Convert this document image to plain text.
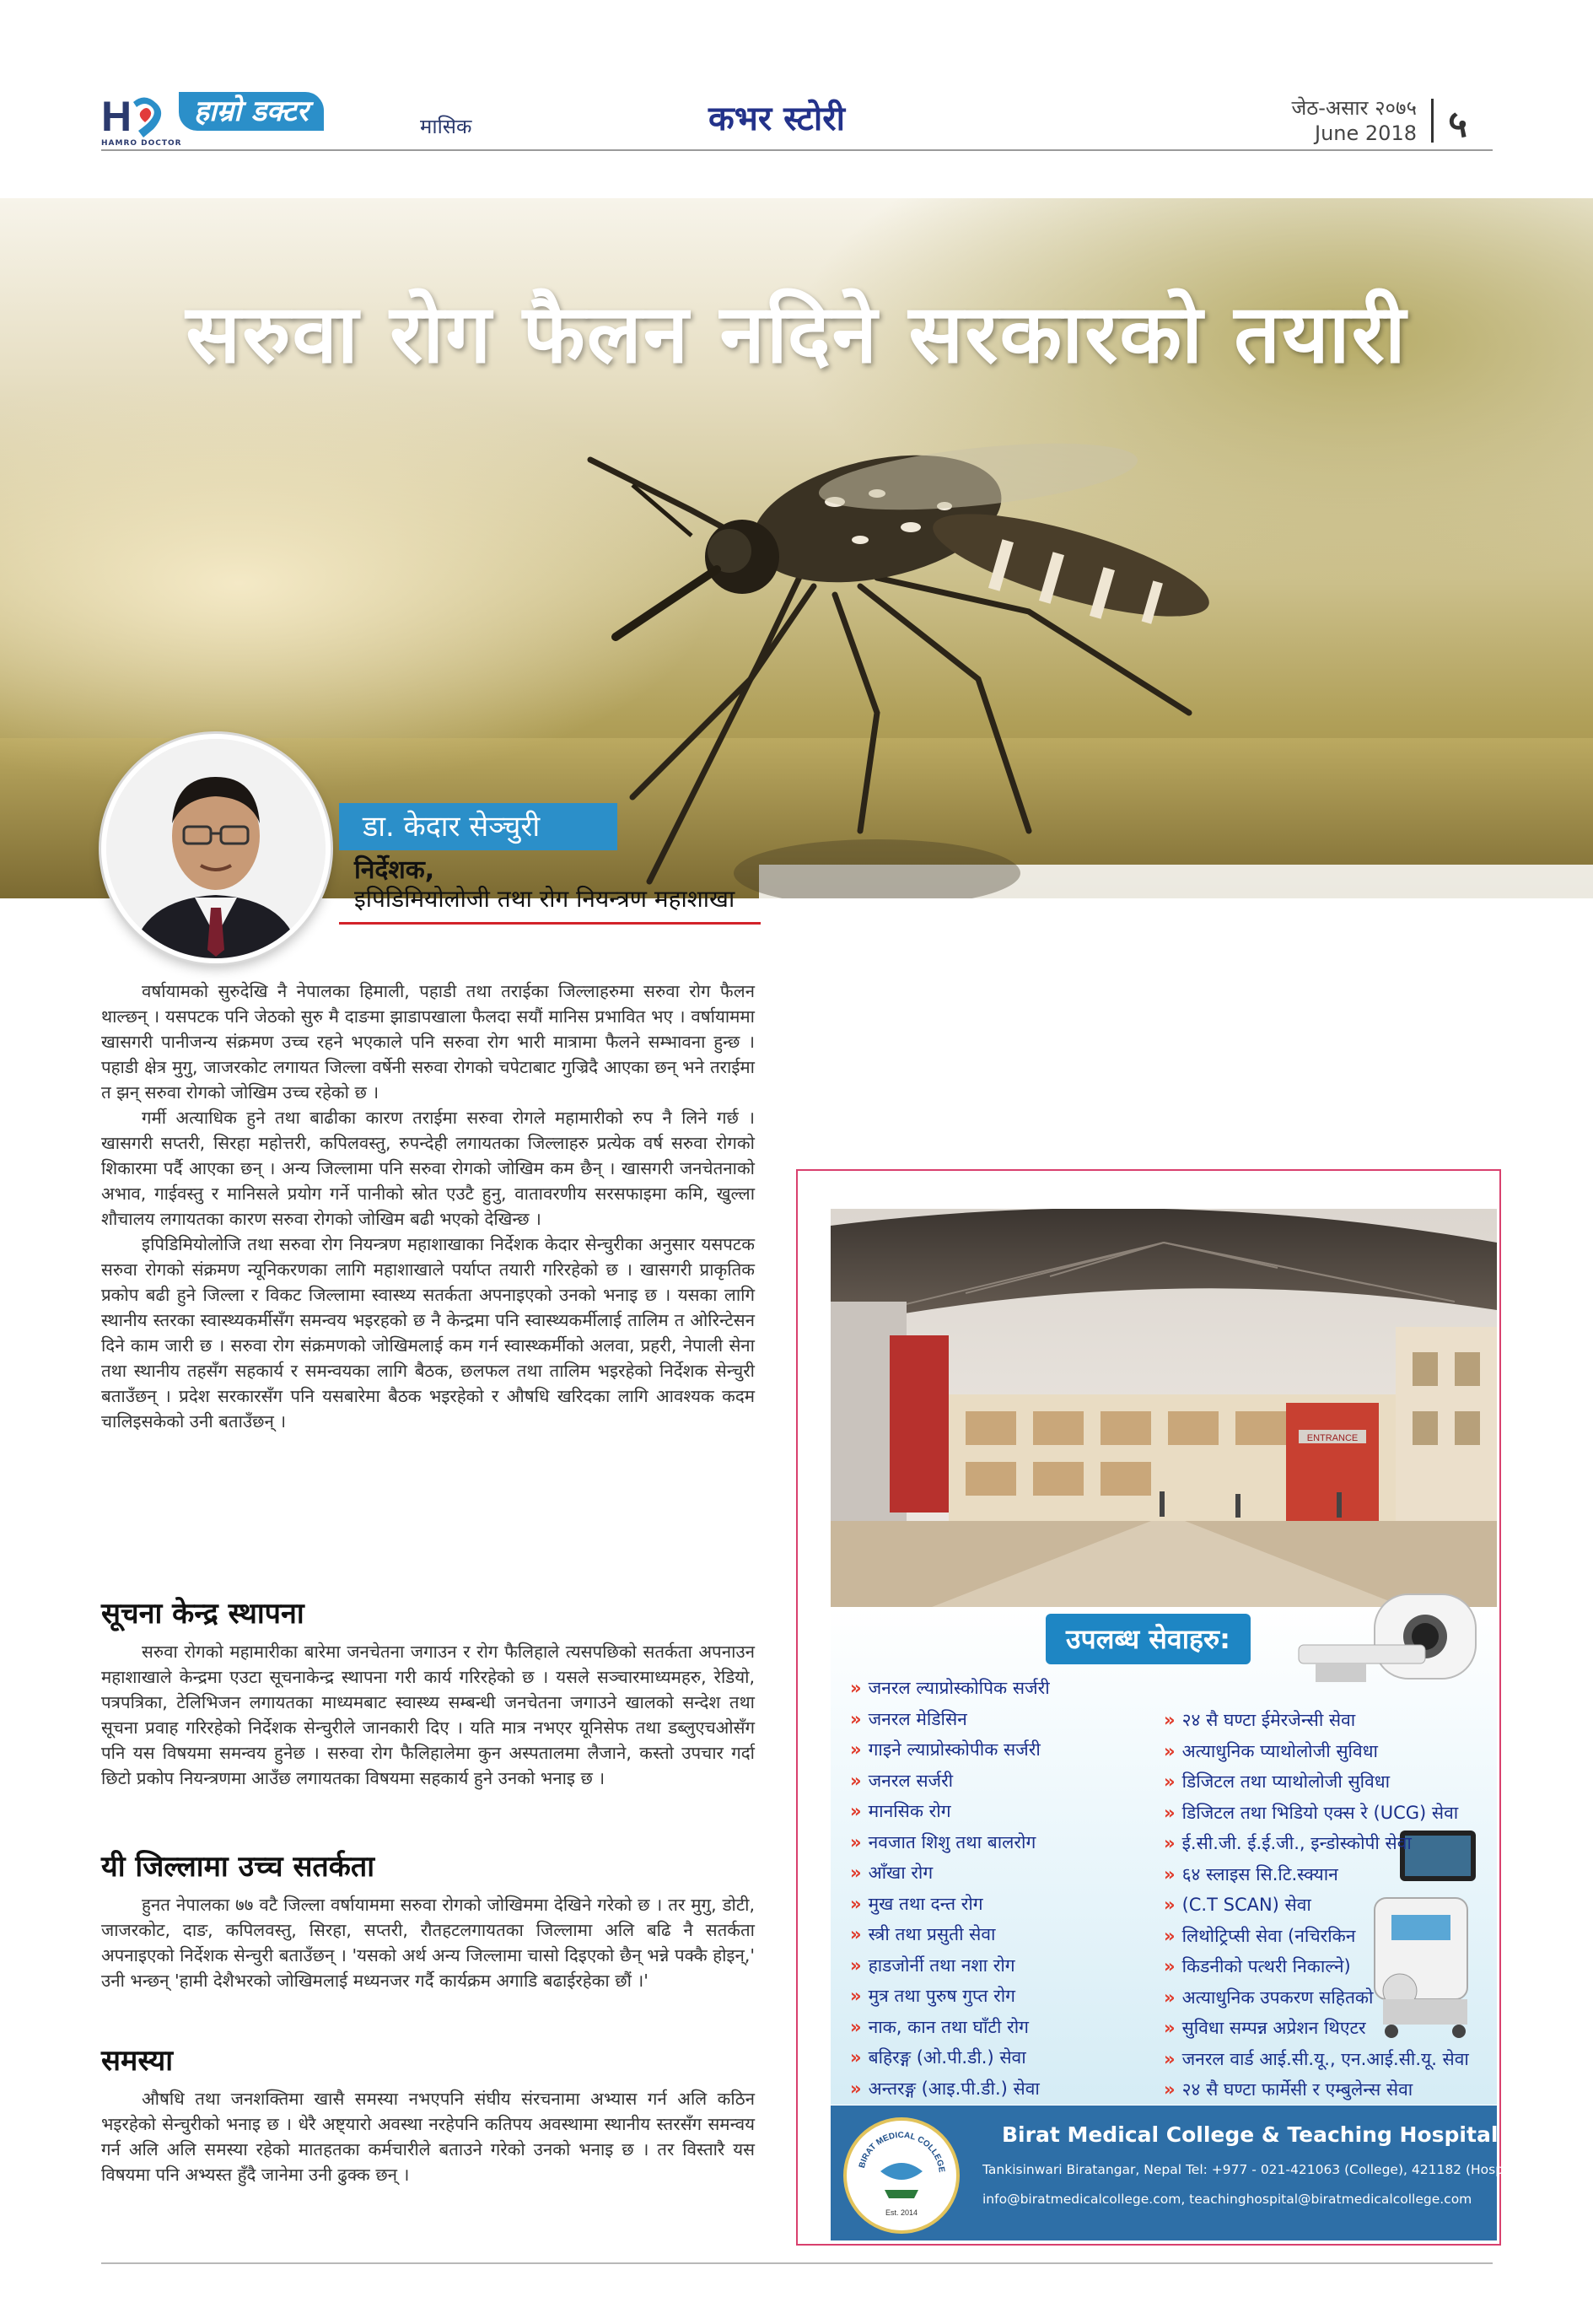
H
HAMRO DOCTOR
हाम्रो डक्टर	मासिक	कभर स्टोरी	जेठ-असार २०७५
June 2018 ५
सरुवा रोग फैलन नदिने सरकारको तयारी
डा. केदार सेञ्चुरी
निर्देशक,
इपिडिमियोलोजी तथा रोग नियन्त्रण महाशाखा

वर्षायामको सुरुदेखि नै नेपालका हिमाली, पहाडी तथा तराईका जिल्लाहरुमा सरुवा रोग फैलन थाल्छन् । यसपटक पनि जेठको सुरु मै दाङमा झाडापखाला फैलदा सयौं मानिस प्रभावित भए । वर्षायाममा खासगरी पानीजन्य संक्रमण उच्च रहने भएकाले पनि सरुवा रोग भारी मात्रामा फैलने सम्भावना हुन्छ । पहाडी क्षेत्र मुगु, जाजरकोट लगायत जिल्ला वर्षेनी सरुवा रोगको चपेटाबाट गुज्रिदै आएका छन् भने तराईमा त झन् सरुवा रोगको जोखिम उच्च रहेको छ ।

गर्मी अत्याधिक हुने तथा बाढीका कारण तराईमा सरुवा रोगले महामारीको रुप नै लिने गर्छ । खासगरी सप्तरी, सिरहा महोत्तरी, कपिलवस्तु, रुपन्देही लगायतका जिल्लाहरु प्रत्येक वर्ष सरुवा रोगको शिकारमा पर्दै आएका छन् । अन्य जिल्लामा पनि सरुवा रोगको जोखिम कम छैन् । खासगरी जनचेतनाको अभाव, गाईवस्तु र मानिसले प्रयोग गर्ने पानीको स्रोत एउटै हुनु, वातावरणीय सरसफाइमा कमि, खुल्ला शौचालय लगायतका कारण सरुवा रोगको जोखिम बढी भएको देखिन्छ ।

इपिडिमियोलोजि तथा सरुवा रोग नियन्त्रण महाशाखाका निर्देशक केदार सेन्चुरीका अनुसार यसपटक सरुवा रोगको संक्रमण न्यूनिकरणका लागि महाशाखाले पर्याप्त तयारी गरिरहेको छ । खासगरी प्राकृतिक प्रकोप बढी हुने जिल्ला र विकट जिल्लामा स्वास्थ्य सतर्कता अपनाइएको उनको भनाइ छ । यसका लागि स्थानीय स्तरका स्वास्थ्यकर्मीसँग समन्वय भइरहको छ नै केन्द्रमा पनि स्वास्थ्यकर्मीलाई तालिम त ओरिन्टेसन दिने काम जारी छ । सरुवा रोग संक्रमणको जोखिमलाई कम गर्न स्वास्थ्कर्मीको अलवा, प्रहरी, नेपाली सेना तथा स्थानीय तहसँग सहकार्य र समन्वयका लागि बैठक, छलफल तथा तालिम भइरहेको निर्देशक सेन्चुरी बताउँछन् । प्रदेश सरकारसँग पनि यसबारेमा बैठक भइरहेको र औषधि खरिदका लागि आवश्यक कदम चालिइसकेको उनी बताउँछन् ।

सूचना केन्द्र स्थापना

सरुवा रोगको महामारीका बारेमा जनचेतना जगाउन र रोग फैलिहाले त्यसपछिको सतर्कता अपनाउन महाशाखाले केन्द्रमा एउटा सूचनाकेन्द्र स्थापना गरी कार्य गरिरहेको छ । यसले सञ्चारमाध्यमहरु, रेडियो, पत्रपत्रिका, टेलिभिजन लगायतका माध्यमबाट स्वास्थ्य सम्बन्धी जनचेतना जगाउने खालको सन्देश तथा सूचना प्रवाह गरिरहेको निर्देशक सेन्चुरीले जानकारी दिए । यति मात्र नभएर यूनिसेफ तथा डब्लुएचओसँग पनि यस विषयमा समन्वय हुनेछ । सरुवा रोग फैलिहालेमा कुन अस्पतालमा लैजाने, कस्तो उपचार गर्दा छिटो प्रकोप नियन्त्रणमा आउँछ लगायतका विषयमा सहकार्य हुने उनको भनाइ छ ।

यी जिल्लामा उच्च सतर्कता

हुनत नेपालका ७७ वटै जिल्ला वर्षायाममा सरुवा रोगको जोखिममा देखिने गरेको छ । तर मुगु, डोटी, जाजरकोट, दाङ, कपिलवस्तु, सिरहा, सप्तरी, रौतहटलगायतका जिल्लामा अलि बढि नै सतर्कता अपनाइएको निर्देशक सेन्चुरी बताउँछन् । 'यसको अर्थ अन्य जिल्लामा चासो दिइएको छैन् भन्ने पक्कै होइन्,' उनी भन्छन् 'हामी देशैभरको जोखिमलाई मध्यनजर गर्दै कार्यक्रम अगाडि बढाईरहेका छौं ।'

समस्या

औषधि तथा जनशक्तिमा खासै समस्या नभएपनि संघीय संरचनामा अभ्यास गर्न अलि कठिन भइरहेको सेन्चुरीको भनाइ छ । धेरै अष्ट्यारो अवस्था नरहेपनि कतिपय अवस्थामा स्थानीय स्तरसँग समन्वय गर्न अलि अलि समस्या रहेको मातहतका कर्मचारीले बताउने गरेको उनको भनाइ छ । तर विस्तारै यस विषयमा पनि अभ्यस्त हुँदै जानेमा उनी ढुक्क छन् ।

ENTRANCE
उपलब्ध सेवाहरु:
» जनरल ल्याप्रोस्कोपिक सर्जरी
» जनरल मेडिसिन
» गाइने ल्याप्रोस्कोपीक सर्जरी
» जनरल सर्जरी
» मानसिक रोग
» नवजात शिशु तथा बालरोग
» आँखा रोग
» मुख तथा दन्त रोग
» स्त्री तथा प्रसुती सेवा
» हाडजोर्नी तथा नशा रोग
» मुत्र तथा पुरुष गुप्त रोग
» नाक, कान तथा घाँटी रोग
» बहिरङ्ग (ओ.पी.डी.) सेवा
» अन्तरङ्ग (आइ.पी.डी.) सेवा
» २४ सै घण्टा ईमेरजेन्सी सेवा
» अत्याधुनिक प्याथोलोजी सुविधा
» डिजिटल तथा प्याथोलोजी सुविधा
» डिजिटल तथा भिडियो एक्स रे (UCG) सेवा
» ई.सी.जी. ई.ई.जी., इन्डोस्कोपी सेवा
» ६४ स्लाइस सि.टि.स्क्यान
» (C.T SCAN) सेवा
» लिथोट्रिप्सी सेवा (नचिरकिन
» किडनीको पत्थरी निकाल्ने)
» अत्याधुनिक उपकरण सहितको
» सुविधा सम्पन्न अप्रेशन थिएटर
» जनरल वार्ड आई.सी.यू., एन.आई.सी.यू. सेवा
» २४ सै घण्टा फार्मेसी र एम्बुलेन्स सेवा
BIRAT MEDICAL COLLEGE
Est. 2014
Birat Medical College & Teaching Hospital
Tankisinwari Biratangar, Nepal Tel: +977 - 021-421063 (College), 421182 (Hospital)
info@biratmedicalcollege.com, teachinghospital@biratmedicalcollege.com
